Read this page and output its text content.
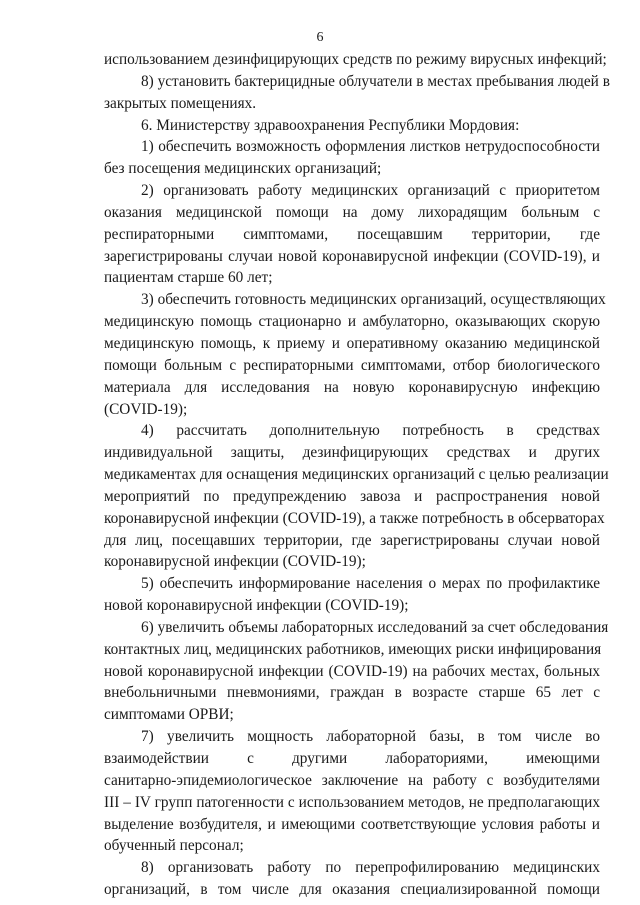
6
использованием дезинфицирующих средств по режиму вирусных инфекций;
8) установить бактерицидные облучатели в местах пребывания людей в
закрытых помещениях.
6. Министерству здравоохранения Республики Мордовия:
1) обеспечить возможность оформления листков нетрудоспособности
без посещения медицинских организаций;
2) организовать работу медицинских организаций с приоритетом
оказания медицинской помощи на дому лихорадящим больным с
респираторными симптомами, посещавшим территории, где
зарегистрированы случаи новой коронавирусной инфекции (COVID-19), и
пациентам старше 60 лет;
3) обеспечить готовность медицинских организаций, осуществляющих
медицинскую помощь стационарно и амбулаторно, оказывающих скорую
медицинскую помощь, к приему и оперативному оказанию медицинской
помощи больным с респираторными симптомами, отбор биологического
материала для исследования на новую коронавирусную инфекцию
(COVID-19);
4) рассчитать дополнительную потребность в средствах
индивидуальной защиты, дезинфицирующих средствах и других
медикаментах для оснащения медицинских организаций с целью реализации
мероприятий по предупреждению завоза и распространения новой
коронавирусной инфекции (COVID-19), а также потребность в обсерваторах
для лиц, посещавших территории, где зарегистрированы случаи новой
коронавирусной инфекции (COVID-19);
5) обеспечить информирование населения о мерах по профилактике
новой коронавирусной инфекции (COVID-19);
6) увеличить объемы лабораторных исследований за счет обследования
контактных лиц, медицинских работников, имеющих риски инфицирования
новой коронавирусной инфекции (COVID-19) на рабочих местах, больных
внебольничными пневмониями, граждан в возрасте старше 65 лет с
симптомами ОРВИ;
7) увеличить мощность лабораторной базы, в том числе во
взаимодействии с другими лабораториями, имеющими
санитарно-эпидемиологическое заключение на работу с возбудителями
III – IV групп патогенности с использованием методов, не предполагающих
выделение возбудителя, и имеющими соответствующие условия работы и
обученный персонал;
8) организовать работу по перепрофилированию медицинских
организаций, в том числе для оказания специализированной помощи
